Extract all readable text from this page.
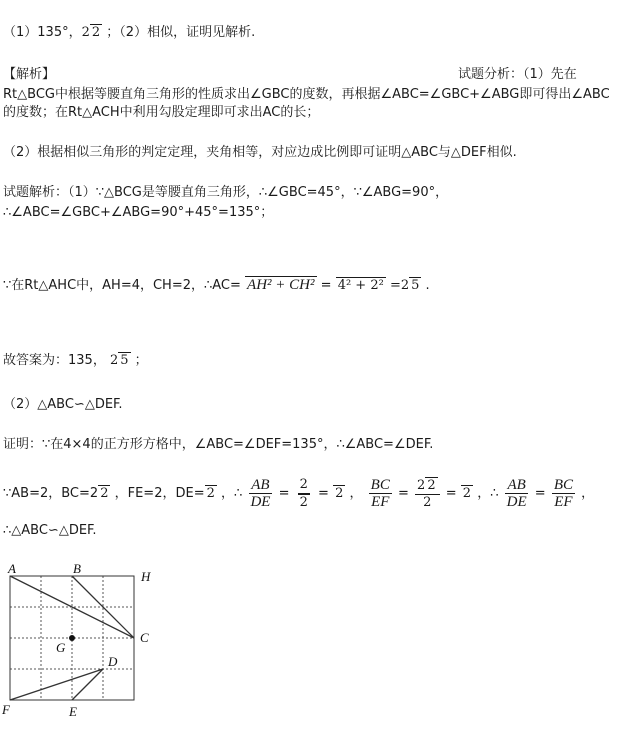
（1）135°，2 2 ；（2）相似，证明见解析.
【解析】	试题分析：（1）先在
Rt△BCG中根据等腰直角三角形的性质求出∠GBC的度数，再根据∠ABC=∠GBC+∠ABG即可得出∠ABC
的度数；在Rt△ACH中利用勾股定理即可求出AC的长；
（2）根据相似三角形的判定定理，夹角相等，对应边成比例即可证明△ABC与△DEF相似.
试题解析：（1）∵△BCG是等腰直角三角形，∴∠GBC=45°，∵∠ABG=90°，
∴∠ABC=∠GBC+∠ABG=90°+45°=135°；
∵在Rt△AHC中，AH=4，CH=2，∴AC= AH² + CH² = 4² + 2² =2 5 .
故答案为：135， 2 5 ；
（2）△ABC∽△DEF.
证明：∵在4×4的正方形方格中，∠ABC=∠DEF=135°，∴∠ABC=∠DEF.
∵AB=2，BC=2 2 ，FE=2，DE= 2 ，∴ $\frac{AB}{DE} = \frac{2}{2} = 2$ ， $\frac{BC}{EF} = \frac{2 2}{2} = 2$ ，∴ $\frac{AB}{DE} = \frac{BC}{EF}$ ，
∴△ABC∽△DEF.
A	B
H
C
G
D
F	E
